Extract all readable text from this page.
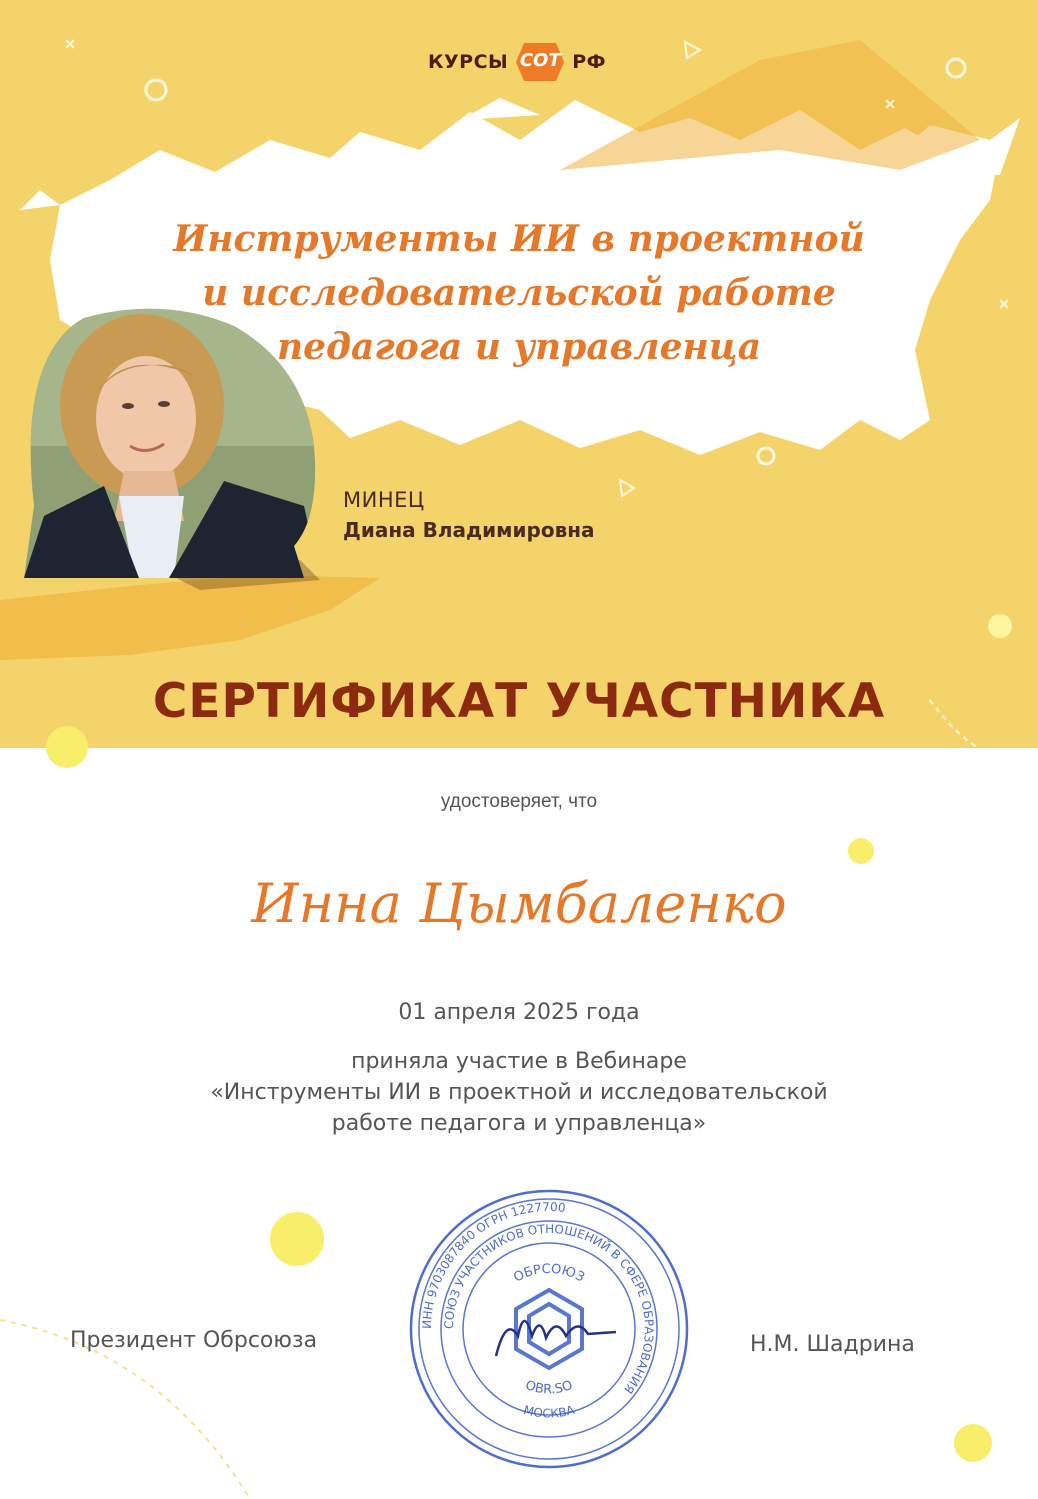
КУРСЫ СОТ РФ
Инструменты ИИ в проектной
и исследовательской работе
педагога и управленца
МИНЕЦ
Диана Владимировна
СЕРТИФИКАТ УЧАСТНИКА
удостоверяет, что
Инна Цымбаленко
01 апреля 2025 года
приняла участие в Вебинаре
«Инструменты ИИ в проектной и исследовательской
работе педагога и управленца»
Президент Обрсоюза	Н.М. Шадрина
ИНН 9703087840 ОГРН 1227700
СОЮЗ УЧАСТНИКОВ ОТНОШЕНИЙ В СФЕРЕ ОБРАЗОВАНИЯ
ОБРСОЮЗ
OBR.SO
МОСКВА
